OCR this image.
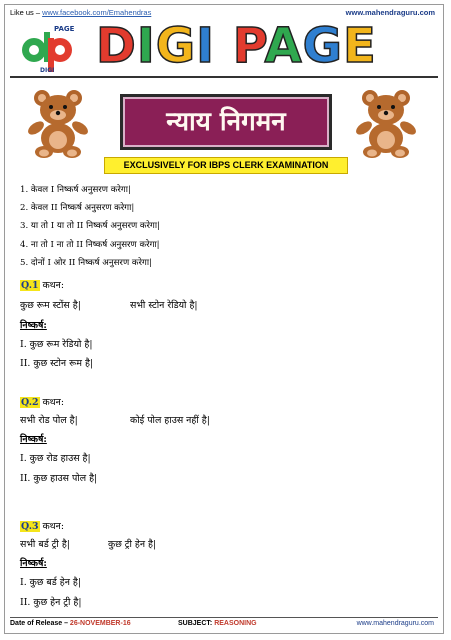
Like us – www.facebook.com/Emahendras	www.mahendraguru.com
PAGE
DIGI DIGI PAGE
न्याय निगमन
EXCLUSIVELY FOR IBPS CLERK EXAMINATION
1. केवल I निष्कर्ष अनुसरण करेगा|
2. केवल II निष्कर्ष अनुसरण करेगा|
3. या तो I या तो II निष्कर्ष अनुसरण करेगा|
4. ना तो I ना तो II निष्कर्ष अनुसरण करेगा|
5. दोनों I ओर II निष्कर्ष अनुसरण करेगा|
Q.1 कथन:
कुछ रूम स्टोंस है|	सभी स्टोन रेडियो है|
निष्कर्ष:
I. कुछ रूम रेडियो है|
II. कुछ स्टोन रूम है|
Q.2 कथन:
सभी रोड पोल है|	कोई पोल हाउस नहीं है|
निष्कर्ष:
I. कुछ रोड हाउस है|
II. कुछ हाउस पोल है|
Q.3 कथन:
सभी बर्ड ट्री है|	कुछ ट्री हेन है|
निष्कर्ष:
I. कुछ बर्ड हेन है|
II. कुछ हेन ट्री है|
Date of Release – 26-NOVEMBER-16	SUBJECT: REASONING	www.mahendraguru.com
